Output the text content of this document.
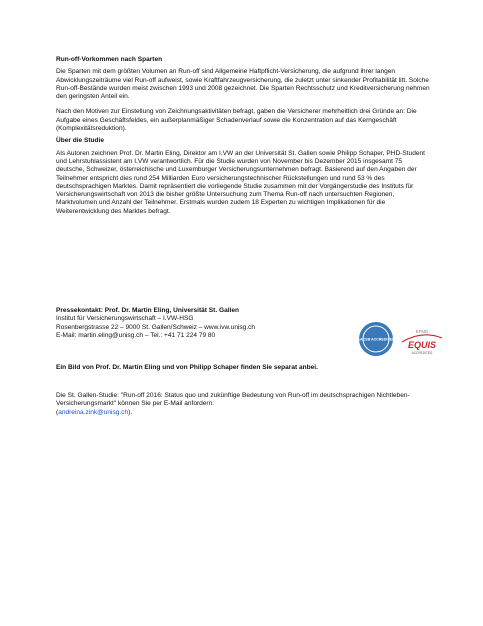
Run-off-Vorkommen nach Sparten

Die Sparten mit dem größten Volumen an Run-off sind Allgemeine Haftpflicht-Versicherung, die aufgrund ihrer langen Abwicklungszeiträume viel Run-off aufweist, sowie Kraftfahrzeugversicherung, die zuletzt unter sinkender Profitabilität litt. Solche Run-off-Bestände wurden meist zwischen 1993 und 2008 gezeichnet. Die Sparten Rechtsschutz und Kreditversicherung nehmen den geringsten Anteil ein.

Nach den Motiven zur Einstellung von Zeichnungsaktivitäten befragt, gaben die Versicherer mehrheitlich drei Gründe an: Die Aufgabe eines Geschäftsfeldes, ein außerplanmäßiger Schadenverlauf sowie die Konzentration auf das Kerngeschäft (Komplexitätsreduktion).

Über die Studie

Als Autoren zeichnen Prof. Dr. Martin Eling, Direktor am I.VW an der Universität St. Gallen sowie Philipp Schaper, PHD-Student und Lehrstuhlassistent am I.VW verantwortlich. Für die Studie wurden von November bis Dezember 2015 insgesamt 75 deutsche, Schweizer, österreichische und Luxemburger Versicherungsunternehmen befragt. Basierend auf den Angaben der Teilnehmer entspricht dies rund 254 Milliarden Euro versicherungstechnischer Rückstellungen und rund 53 % des deutschsprachigen Marktes. Damit repräsentiert die vorliegende Studie zusammen mit der Vorgängerstudie des Instituts für Versicherungswirtschaft von 2013 die bisher größte Untersuchung zum Thema Run-off nach untersuchten Regionen, Marktvolumen und Anzahl der Teilnehmer. Erstmals wurden zudem 18 Experten zu wichtigen Implikationen für die Weiterentwicklung des Marktes befragt.

Pressekontakt: Prof. Dr. Martin Eling, Universität St. Gallen

Institut für Versicherungswirtschaft – I.VW-HSG

Rosenbergstrasse 22 – 9000 St. Gallen/Schweiz – www.ivw.unisg.ch

E-Mail: martin.eling@unisg.ch – Tel.: +41 71 224 79 80

AACSB ACCREDITED
EFMD
EQUIS
ACCREDITED

Ein Bild von Prof. Dr. Martin Eling und von Philipp Schaper finden Sie separat anbei.

Die St. Gallen-Studie: "Run-off 2016: Status quo und zukünftige Bedeutung von Run-off im deutschsprachigen Nichtleben-Versicherungsmarkt" können Sie per E-Mail anfordern:
(andreina.zink@unisg.ch).
